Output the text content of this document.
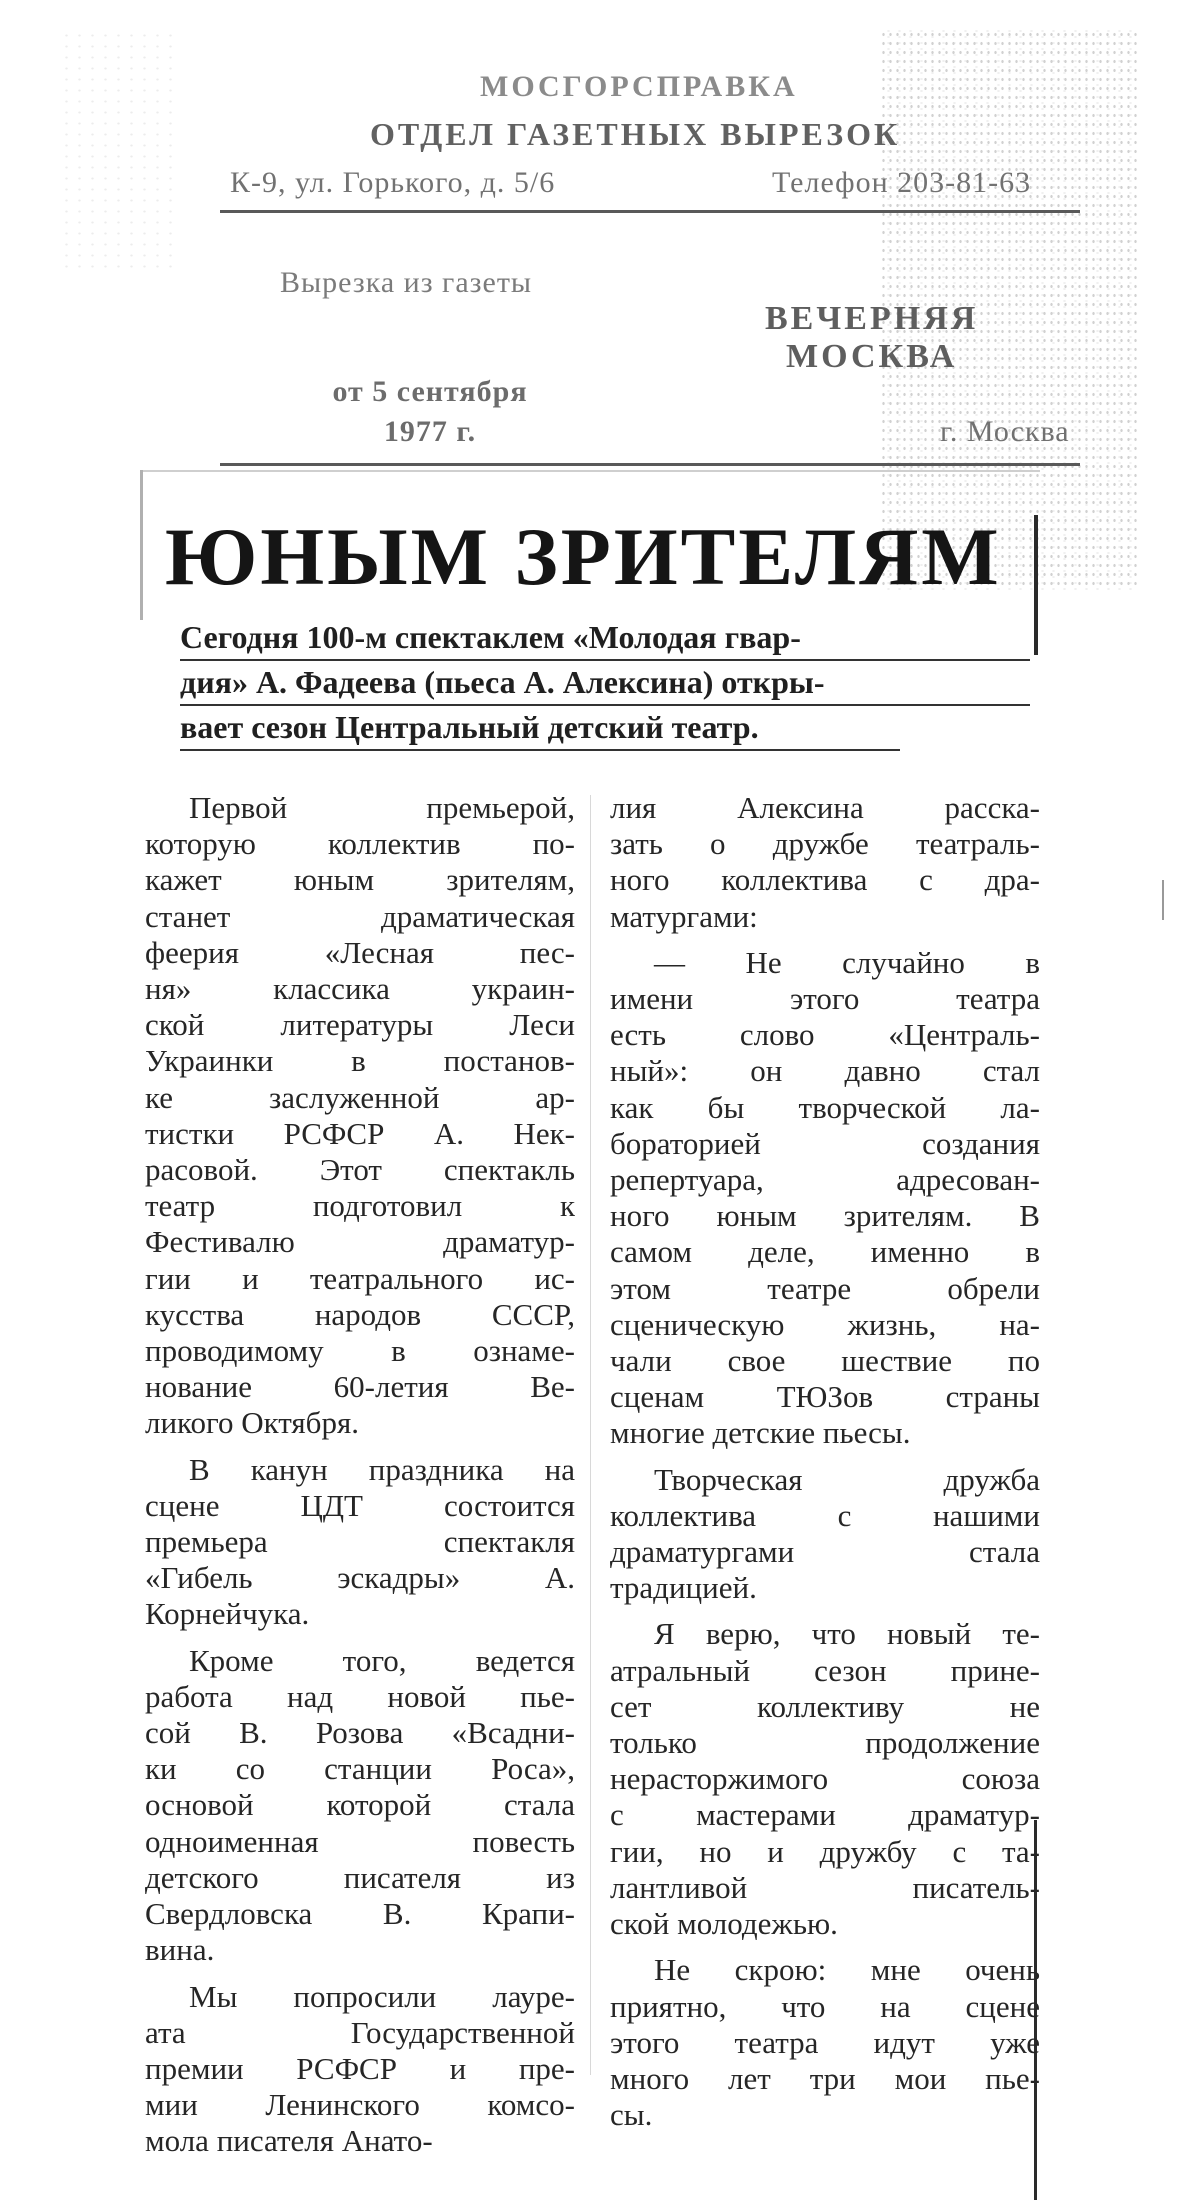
МОСГОРСПРАВКА
ОТДЕЛ ГАЗЕТНЫХ ВЫРЕЗОК
К-9, ул. Горького, д. 5/6	Телефон 203-81-63
Вырезка из газеты
ВЕЧЕРНЯЯ
МОСКВА
от 5 сентября
1977 г.	г. Москва
ЮНЫМ ЗРИТЕЛЯМ
Сегодня 100-м спектаклем «Молодая гвар-
дия» А. Фадеева (пьеса А. Алексина) откры-
вает сезон Центральный детский театр.
Первой премьерой,
которую коллектив по-
кажет юным зрителям,
станет драматическая
феерия «Лесная пес-
ня» классика украин-
ской литературы Леси
Украинки в постанов-
ке заслуженной ар-
тистки РСФСР А. Нек-
расовой. Этот спектакль
театр подготовил к
Фестивалю драматур-
гии и театрального ис-
кусства народов СССР,
проводимому в ознаме-
нование 60-летия Ве-
ликого Октября.
В канун праздника на
сцене ЦДТ состоится
премьера спектакля
«Гибель эскадры» А.
Корнейчука.
Кроме того, ведется
работа над новой пье-
сой В. Розова «Всадни-
ки со станции Роса»,
основой которой стала
одноименная повесть
детского писателя из
Свердловска В. Крапи-
вина.
Мы попросили лауре-
ата Государственной
премии РСФСР и пре-
мии Ленинского комсо-
мола писателя Анато-
лия Алексина расска-
зать о дружбе театраль-
ного коллектива с дра-
матургами:
— Не случайно в
имени этого театра
есть слово «Централь-
ный»: он давно стал
как бы творческой ла-
бораторией создания
репертуара, адресован-
ного юным зрителям. В
самом деле, именно в
этом театре обрели
сценическую жизнь, на-
чали свое шествие по
сценам ТЮЗов страны
многие детские пьесы.
Творческая дружба
коллектива с нашими
драматургами стала
традицией.
Я верю, что новый те-
атральный сезон прине-
сет коллективу не
только продолжение
нерасторжимого союза
с мастерами драматур-
гии, но и дружбу с та-
лантливой писатель-
ской молодежью.
Не скрою: мне очень
приятно, что на сцене
этого театра идут уже
много лет три мои пье-
сы.
